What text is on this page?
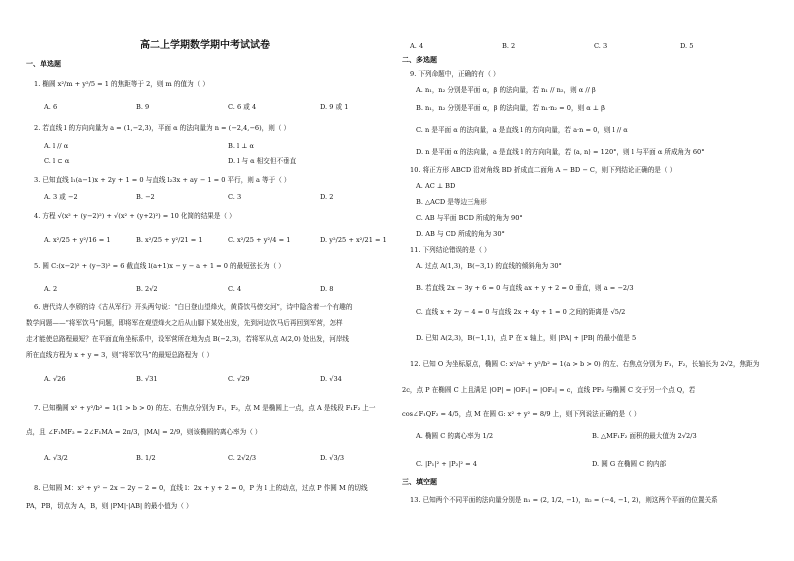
高二上学期数学期中考试试卷
一、单选题
1. 椭圆 x²/m + y²/5 = 1 的焦距等于 2，则 m 的值为（ ）
A. 6	B. 9	C. 6 或 4	D. 9 或 1
2. 若直线 l 的方向向量为 a = (1,−2,3)，平面 α 的法向量为 n = (−2,4,−6)，则（ ）
A. l // α	B. l ⊥ α
C. l ⊂ α	D. l 与 α 相交但不垂直
3. 已知直线 l₁(a−1)x + 2y + 1 = 0 与直线 l₂3x + ay − 1 = 0 平行，则 a 等于（ ）
A. 3 或 −2	B. −2	C. 3	D. 2
4. 方程 √(x² + (y−2)²) + √(x² + (y+2)²) = 10 化简的结果是（ ）
A. x²/25 + y²/16 = 1	B. x²/25 + y²/21 = 1	C. x²/25 + y²/4 = 1	D. y²/25 + x²/21 = 1
5. 圆 C:(x−2)² + (y−3)² = 6 截直线 l(a+1)x − y − a + 1 = 0 的最短弦长为（ ）
A. 2	B. 2√2	C. 4	D. 8
6. 唐代诗人李颀的诗《古从军行》开头两句说：“白日登山望烽火，黄昏饮马傍交河”，诗中隐含着一个有趣的
数学问题——“将军饮马”问题，即将军在观望烽火之后从山脚下某处出发，先到河边饮马后再回到军营，怎样
走才能使总路程最短？在平面直角坐标系中，设军营所在地为点 B(−2,3)，若将军从点 A(2,0) 处出发，河岸线
所在直线方程为 x + y = 3，则“将军饮马”的最短总路程为（ ）
A. √26	B. √31	C. √29	D. √34
7. 已知椭圆 x² + y²/b² = 1(1 > b > 0) 的左、右焦点分别为 F₁，F₂，点 M 是椭圆上一点，点 A 是线段 F₁F₂ 上一
点，且 ∠F₁MF₂ = 2∠F₁MA = 2π/3，|MA| = 2/9，则该椭圆的离心率为（ ）
A. √3/2	B. 1/2	C. 2√2/3	D. √3/3
8. 已知圆 M：x² + y² − 2x − 2y − 2 = 0，直线 l：2x + y + 2 = 0，P 为 l 上的动点，过点 P 作圆 M 的切线
PA，PB，切点为 A，B，则 |PM|·|AB| 的最小值为（ ）
A. 4	B. 2	C. 3	D. 5
二、多选题
9. 下列命题中，正确的有（ ）
A. n₁，n₂ 分别是平面 α，β 的法向量，若 n₁ // n₂，则 α // β
B. n₁，n₂ 分别是平面 α，β 的法向量，若 n₁·n₂ = 0，则 α ⊥ β
C. n 是平面 α 的法向量，a 是直线 l 的方向向量，若 a·n = 0，则 l // α
D. n 是平面 α 的法向量，a 是直线 l 的方向向量，若 ⟨a, n⟩ = 120°，则 l 与平面 α 所成角为 60°
10. 将正方形 ABCD 沿对角线 BD 折成直二面角 A − BD − C，则下列结论正确的是（ ）
A. AC ⊥ BD
B. △ACD 是等边三角形
C. AB 与平面 BCD 所成的角为 90°
D. AB 与 CD 所成的角为 30°
11. 下列结论错误的是（ ）
A. 过点 A(1,3)，B(−3,1) 的直线的倾斜角为 30°
B. 若直线 2x − 3y + 6 = 0 与直线 ax + y + 2 = 0 垂直，则 a = −2/3
C. 直线 x + 2y − 4 = 0 与直线 2x + 4y + 1 = 0 之间的距离是 √5/2
D. 已知 A(2,3)，B(−1,1)，点 P 在 x 轴上，则 |PA| + |PB| 的最小值是 5
12. 已知 O 为坐标原点，椭圆 C: x²/a² + y²/b² = 1(a > b > 0) 的左、右焦点分别为 F₁，F₂，长轴长为 2√2，焦距为
2c，点 P 在椭圆 C 上且满足 |OP| = |OF₁| = |OF₂| = c，直线 PF₂ 与椭圆 C 交于另一个点 Q，若
cos∠F₁QF₂ = 4/5，点 M 在圆 G: x² + y² = 8/9 上，则下列说法正确的是（ ）
A. 椭圆 C 的离心率为 1/2	B. △MF₁F₂ 面积的最大值为 2√2/3
C. |P₁|² + |P₂|² = 4	D. 圆 G 在椭圆 C 的内部
三、填空题
13. 已知两个不同平面的法向量分别是 n₁ = (2, 1/2, −1)，n₂ = (−4, −1, 2)，则这两个平面的位置关系
